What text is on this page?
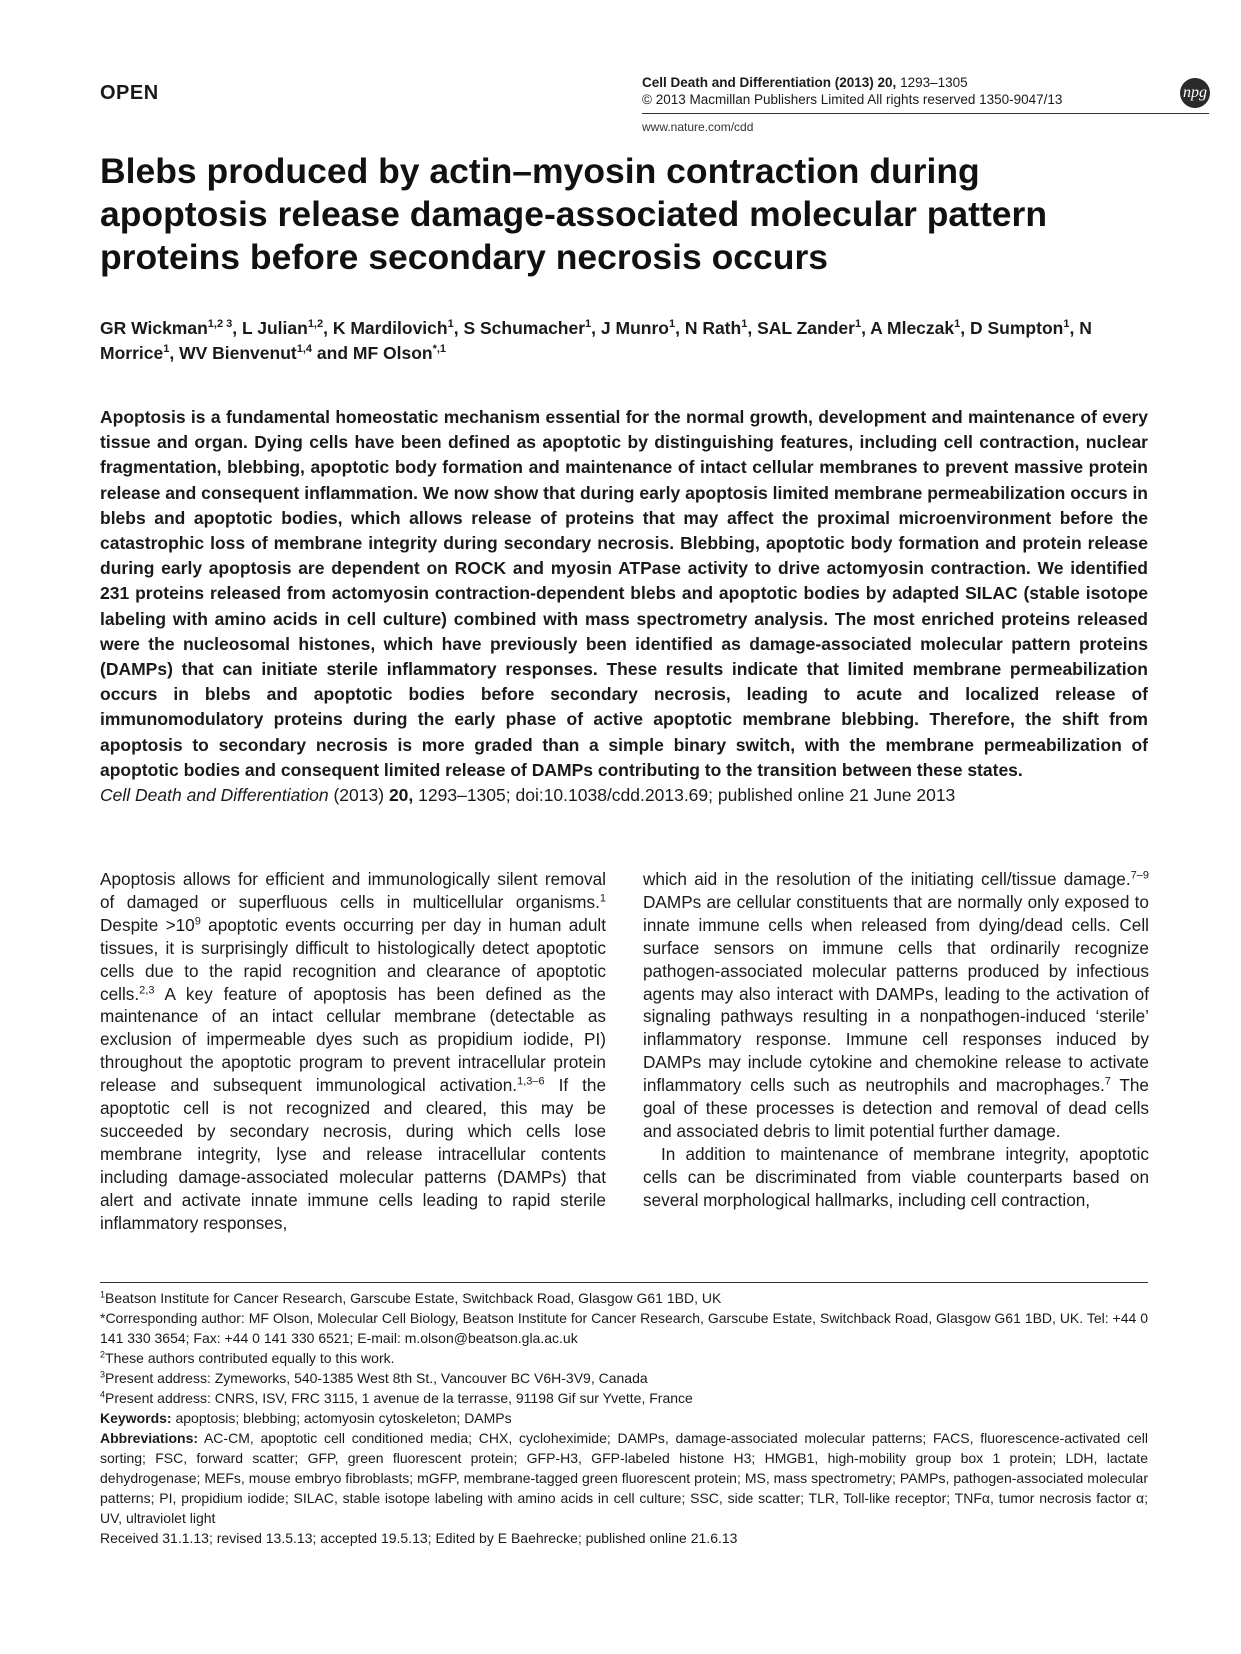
OPEN	Cell Death and Differentiation (2013) 20, 1293–1305
© 2013 Macmillan Publishers Limited All rights reserved 1350-9047/13
www.nature.com/cdd
npg
Blebs produced by actin–myosin contraction during apoptosis release damage-associated molecular pattern proteins before secondary necrosis occurs
GR Wickman$^{1,2 3}$, L Julian$^{1,2}$, K Mardilovich$^1$, S Schumacher$^1$, J Munro$^1$, N Rath$^1$, SAL Zander$^1$, A Mleczak$^1$, D Sumpton$^1$, N Morrice$^1$, WV Bienvenut$^{1,4}$ and MF Olson$^{*,1}$

Apoptosis is a fundamental homeostatic mechanism essential for the normal growth, development and maintenance of every tissue and organ. Dying cells have been defined as apoptotic by distinguishing features, including cell contraction, nuclear fragmentation, blebbing, apoptotic body formation and maintenance of intact cellular membranes to prevent massive protein release and consequent inflammation. We now show that during early apoptosis limited membrane permeabilization occurs in blebs and apoptotic bodies, which allows release of proteins that may affect the proximal microenvironment before the catastrophic loss of membrane integrity during secondary necrosis. Blebbing, apoptotic body formation and protein release during early apoptosis are dependent on ROCK and myosin ATPase activity to drive actomyosin contraction. We identified 231 proteins released from actomyosin contraction-dependent blebs and apoptotic bodies by adapted SILAC (stable isotope labeling with amino acids in cell culture) combined with mass spectrometry analysis. The most enriched proteins released were the nucleosomal histones, which have previously been identified as damage-associated molecular pattern proteins (DAMPs) that can initiate sterile inflammatory responses. These results indicate that limited membrane permeabilization occurs in blebs and apoptotic bodies before secondary necrosis, leading to acute and localized release of immunomodulatory proteins during the early phase of active apoptotic membrane blebbing. Therefore, the shift from apoptosis to secondary necrosis is more graded than a simple binary switch, with the membrane permeabilization of apoptotic bodies and consequent limited release of DAMPs contributing to the transition between these states.

Cell Death and Differentiation (2013) 20, 1293–1305; doi:10.1038/cdd.2013.69; published online 21 June 2013

Apoptosis allows for efficient and immunologically silent removal of damaged or superfluous cells in multicellular organisms.$^1$ Despite $>10^9$ apoptotic events occurring per day in human adult tissues, it is surprisingly difficult to histologically detect apoptotic cells due to the rapid recognition and clearance of apoptotic cells.$^{2,3}$ A key feature of apoptosis has been defined as the maintenance of an intact cellular membrane (detectable as exclusion of impermeable dyes such as propidium iodide, PI) throughout the apoptotic program to prevent intracellular protein release and subsequent immunological activation.$^{1,3-6}$ If the apoptotic cell is not recognized and cleared, this may be succeeded by secondary necrosis, during which cells lose membrane integrity, lyse and release intracellular contents including damage-associated molecular patterns (DAMPs) that alert and activate innate immune cells leading to rapid sterile inflammatory responses,

which aid in the resolution of the initiating cell/tissue damage.$^{7-9}$ DAMPs are cellular constituents that are normally only exposed to innate immune cells when released from dying/dead cells. Cell surface sensors on immune cells that ordinarily recognize pathogen-associated molecular patterns produced by infectious agents may also interact with DAMPs, leading to the activation of signaling pathways resulting in a nonpathogen-induced ‘sterile’ inflammatory response. Immune cell responses induced by DAMPs may include cytokine and chemokine release to activate inflammatory cells such as neutrophils and macrophages.$^7$ The goal of these processes is detection and removal of dead cells and associated debris to limit potential further damage.
In addition to maintenance of membrane integrity, apoptotic cells can be discriminated from viable counterparts based on several morphological hallmarks, including cell contraction,

$^1$Beatson Institute for Cancer Research, Garscube Estate, Switchback Road, Glasgow G61 1BD, UK

*Corresponding author: MF Olson, Molecular Cell Biology, Beatson Institute for Cancer Research, Garscube Estate, Switchback Road, Glasgow G61 1BD, UK. Tel: +44 0 141 330 3654; Fax: +44 0 141 330 6521; E-mail: m.olson@beatson.gla.ac.uk

$^2$These authors contributed equally to this work.

$^3$Present address: Zymeworks, 540-1385 West 8th St., Vancouver BC V6H-3V9, Canada

$^4$Present address: CNRS, ISV, FRC 3115, 1 avenue de la terrasse, 91198 Gif sur Yvette, France

Keywords: apoptosis; blebbing; actomyosin cytoskeleton; DAMPs

Abbreviations: AC-CM, apoptotic cell conditioned media; CHX, cycloheximide; DAMPs, damage-associated molecular patterns; FACS, fluorescence-activated cell sorting; FSC, forward scatter; GFP, green fluorescent protein; GFP-H3, GFP-labeled histone H3; HMGB1, high-mobility group box 1 protein; LDH, lactate dehydrogenase; MEFs, mouse embryo fibroblasts; mGFP, membrane-tagged green fluorescent protein; MS, mass spectrometry; PAMPs, pathogen-associated molecular patterns; PI, propidium iodide; SILAC, stable isotope labeling with amino acids in cell culture; SSC, side scatter; TLR, Toll-like receptor; TNFα, tumor necrosis factor α; UV, ultraviolet light

Received 31.1.13; revised 13.5.13; accepted 19.5.13; Edited by E Baehrecke; published online 21.6.13
